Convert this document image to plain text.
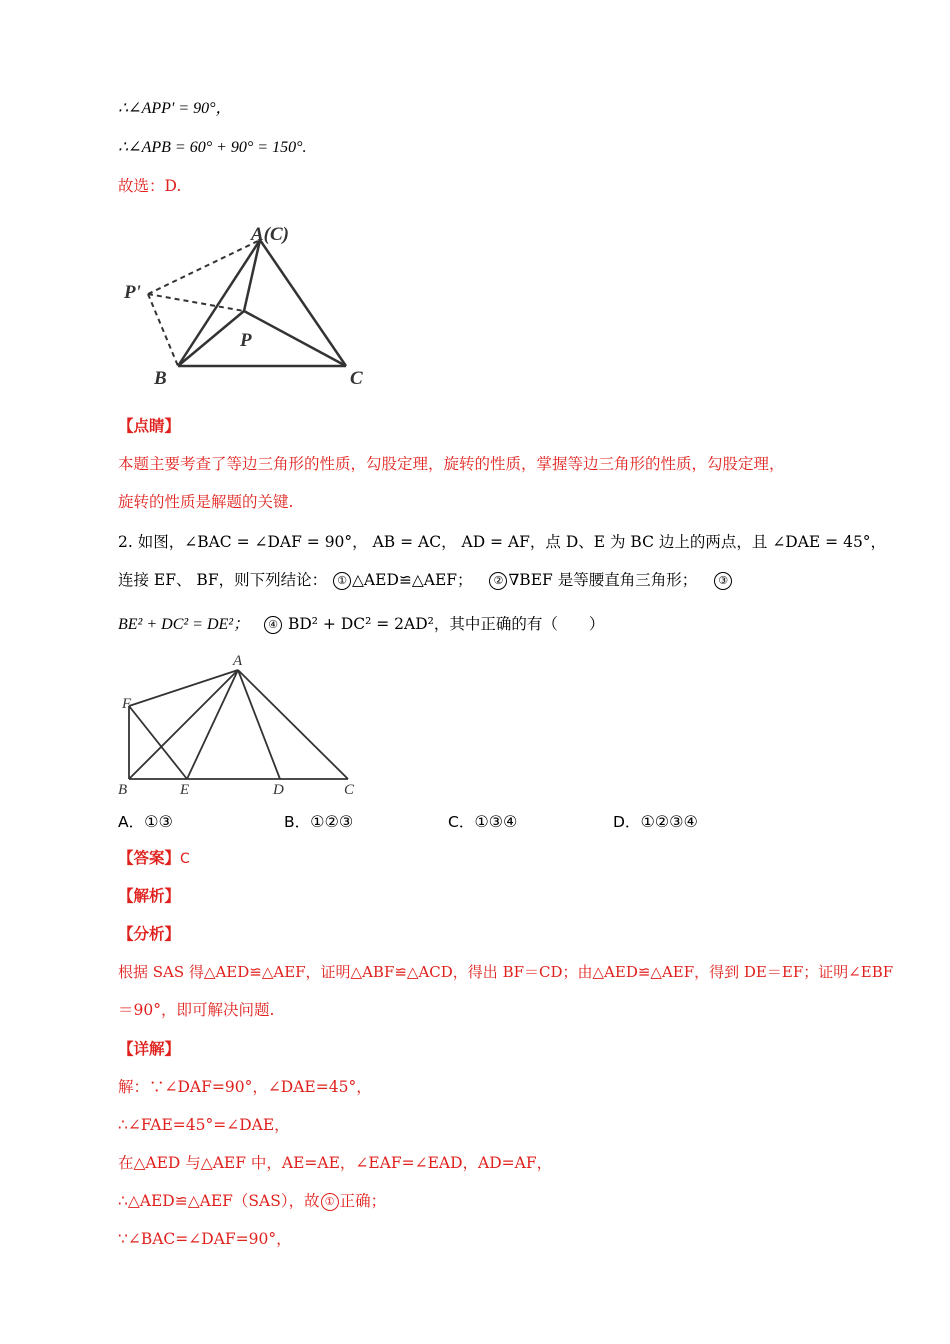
∴∠APP' = 90°，
∴∠APB = 60° + 90° = 150°.
故选：D.
A(C)
P'
P
B	C
【点睛】
本题主要考查了等边三角形的性质，勾股定理，旋转的性质，掌握等边三角形的性质，勾股定理，
旋转的性质是解题的关键.
2. 如图，∠BAC = ∠DAF = 90°， AB = AC， AD = AF，点 D、E 为 BC 边上的两点，且 ∠DAE = 45°，
连接 EF、 BF，则下列结论： ① △AED≌△AEF； ② ∇BEF 是等腰直角三角形； ③
BE² + DC² = DE²； ④ BD² + DC² = 2AD²，其中正确的有（　　）
A
F
B	E	D	C
A．①③	B．①②③	C．①③④	D．①②③④
【答案】C
【解析】
【分析】
根据 SAS 得△AED≌△AEF，证明△ABF≌△ACD，得出 BF＝CD；由△AED≌△AEF，得到 DE＝EF；证明∠EBF
＝90°，即可解决问题.
【详解】
解：∵∠DAF=90°，∠DAE=45°，
∴∠FAE=45°=∠DAE，
在△AED 与△AEF 中，AE=AE，∠EAF=∠EAD，AD=AF，
∴△AED≌△AEF（SAS），故 ① 正确；
∵∠BAC=∠DAF=90°，
